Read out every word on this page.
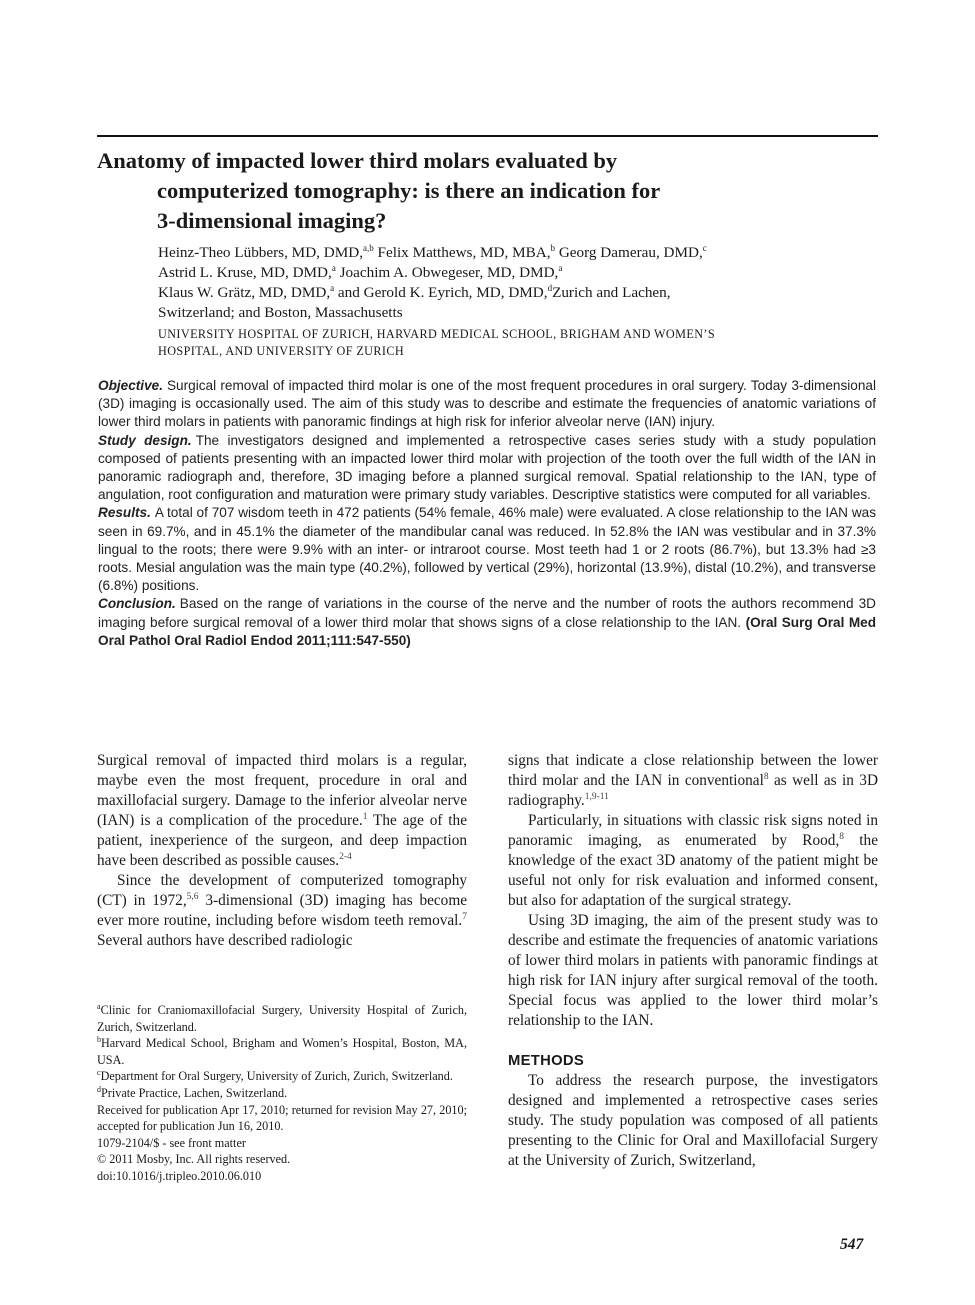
Anatomy of impacted lower third molars evaluated by
computerized tomography: is there an indication for
3-dimensional imaging?
Heinz-Theo Lübbers, MD, DMD,$^{a,b}$ Felix Matthews, MD, MBA,$^b$ Georg Damerau, DMD,$^c$
Astrid L. Kruse, MD, DMD,$^a$ Joachim A. Obwegeser, MD, DMD,$^a$
Klaus W. Grätz, MD, DMD,$^a$ and Gerold K. Eyrich, MD, DMD,$^d$Zurich and Lachen,
Switzerland; and Boston, Massachusetts
UNIVERSITY HOSPITAL OF ZURICH, HARVARD MEDICAL SCHOOL, BRIGHAM AND WOMEN’S
HOSPITAL, AND UNIVERSITY OF ZURICH

Objective. Surgical removal of impacted third molar is one of the most frequent procedures in oral surgery. Today 3-dimensional (3D) imaging is occasionally used. The aim of this study was to describe and estimate the frequencies of anatomic variations of lower third molars in patients with panoramic findings at high risk for inferior alveolar nerve (IAN) injury.

Study design. The investigators designed and implemented a retrospective cases series study with a study population composed of patients presenting with an impacted lower third molar with projection of the tooth over the full width of the IAN in panoramic radiograph and, therefore, 3D imaging before a planned surgical removal. Spatial relationship to the IAN, type of angulation, root configuration and maturation were primary study variables. Descriptive statistics were computed for all variables.

Results. A total of 707 wisdom teeth in 472 patients (54% female, 46% male) were evaluated. A close relationship to the IAN was seen in 69.7%, and in 45.1% the diameter of the mandibular canal was reduced. In 52.8% the IAN was vestibular and in 37.3% lingual to the roots; there were 9.9% with an inter- or intraroot course. Most teeth had 1 or 2 roots (86.7%), but 13.3% had ≥3 roots. Mesial angulation was the main type (40.2%), followed by vertical (29%), horizontal (13.9%), distal (10.2%), and transverse (6.8%) positions.

Conclusion. Based on the range of variations in the course of the nerve and the number of roots the authors recommend 3D imaging before surgical removal of a lower third molar that shows signs of a close relationship to the IAN. (Oral Surg Oral Med Oral Pathol Oral Radiol Endod 2011;111:547-550)

Surgical removal of impacted third molars is a regular, maybe even the most frequent, procedure in oral and maxillofacial surgery. Damage to the inferior alveolar nerve (IAN) is a complication of the procedure.$^1$ The age of the patient, inexperience of the surgeon, and deep impaction have been described as possible causes.$^{2-4}$

Since the development of computerized tomography (CT) in 1972,$^{5,6}$ 3-dimensional (3D) imaging has become ever more routine, including before wisdom teeth removal.$^7$ Several authors have described radiologic

$^a$Clinic for Craniomaxillofacial Surgery, University Hospital of Zurich, Zurich, Switzerland.

$^b$Harvard Medical School, Brigham and Women’s Hospital, Boston, MA, USA.

$^c$Department for Oral Surgery, University of Zurich, Zurich, Switzerland.

$^d$Private Practice, Lachen, Switzerland.

Received for publication Apr 17, 2010; returned for revision May 27, 2010; accepted for publication Jun 16, 2010.

1079-2104/$ - see front matter

© 2011 Mosby, Inc. All rights reserved.

doi:10.1016/j.tripleo.2010.06.010

signs that indicate a close relationship between the lower third molar and the IAN in conventional$^8$ as well as in 3D radiography.$^{1,9-11}$

Particularly, in situations with classic risk signs noted in panoramic imaging, as enumerated by Rood,$^8$ the knowledge of the exact 3D anatomy of the patient might be useful not only for risk evaluation and informed consent, but also for adaptation of the surgical strategy.

Using 3D imaging, the aim of the present study was to describe and estimate the frequencies of anatomic variations of lower third molars in patients with panoramic findings at high risk for IAN injury after surgical removal of the tooth. Special focus was applied to the lower third molar’s relationship to the IAN.

METHODS

To address the research purpose, the investigators designed and implemented a retrospective cases series study. The study population was composed of all patients presenting to the Clinic for Oral and Maxillofacial Surgery at the University of Zurich, Switzerland,

547
